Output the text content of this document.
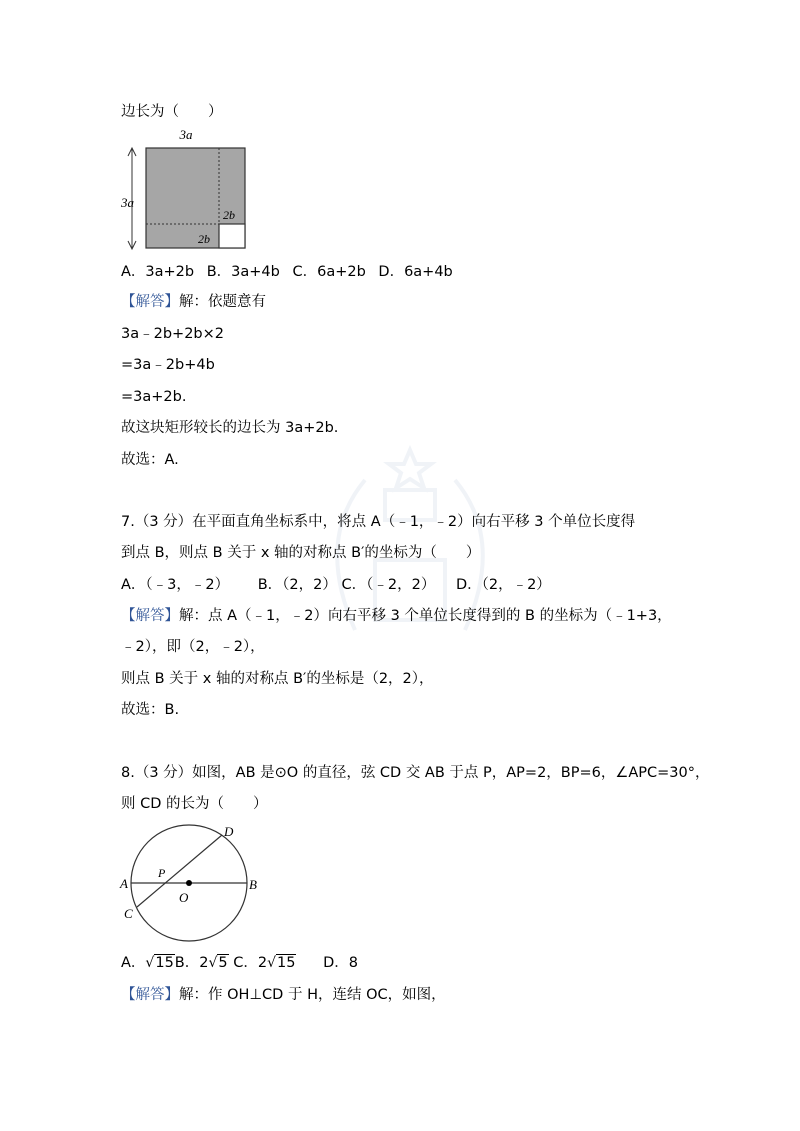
边长为（　　）
3a
3a
2b
2b
A．3a+2b B．3a+4b C．6a+2b D．6a+4b
【解答】解：依题意有
3a﹣2b+2b×2
=3a﹣2b+4b
=3a+2b.
故这块矩形较长的边长为 3a+2b.
故选：A.
7.（3 分）在平面直角坐标系中，将点 A（﹣1，﹣2）向右平移 3 个单位长度得
到点 B，则点 B 关于 x 轴的对称点 B′的坐标为（　　）
A．（﹣3，﹣2） B．（2，2） C．（﹣2，2） D．（2，﹣2）
【解答】解：点 A（﹣1，﹣2）向右平移 3 个单位长度得到的 B 的坐标为（﹣1+3，
﹣2），即（2，﹣2），
则点 B 关于 x 轴的对称点 B′的坐标是（2，2），
故选：B.
8.（3 分）如图，AB 是⊙O 的直径，弦 CD 交 AB 于点 P，AP=2，BP=6，∠APC=30°，
则 CD 的长为（　　）
A	B
C
D
P
O
A．√15B．2√5 C．2√15 D．8
【解答】解：作 OH⊥CD 于 H，连结 OC，如图，
